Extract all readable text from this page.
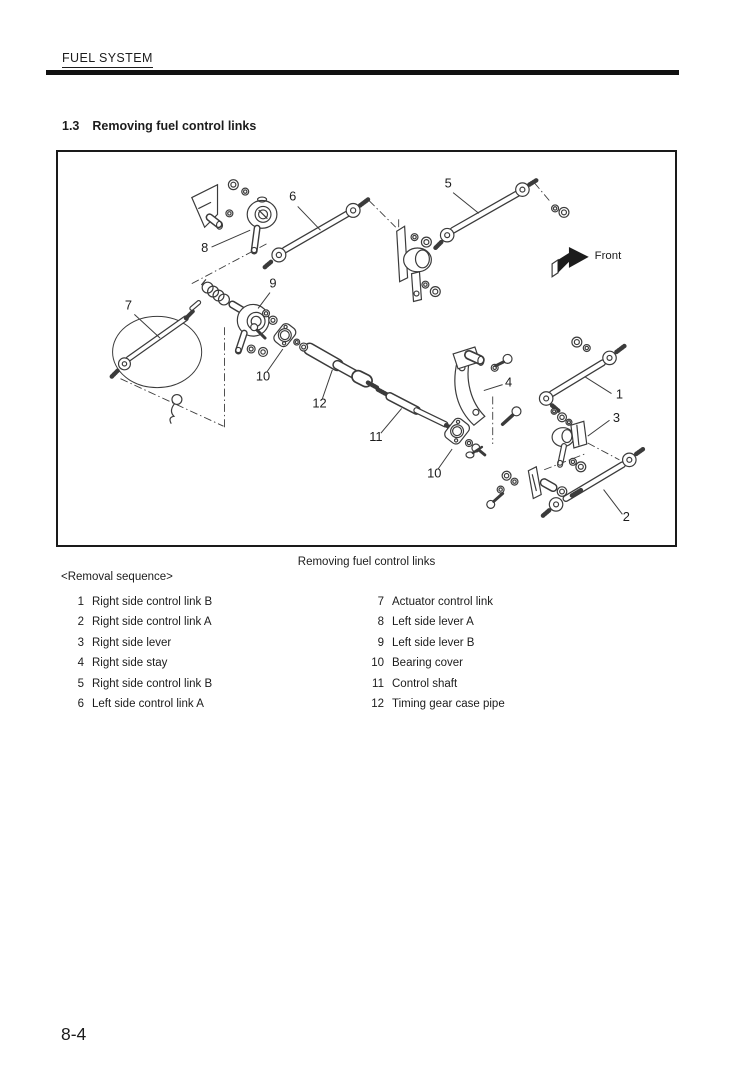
FUEL SYSTEM
1.3 Removing fuel control links
Front
1
2
3
4
5
6
7
8
9
10
10
11
12
Removing fuel control links
<Removal sequence>
1 Right side control link B
2 Right side control link A
3 Right side lever
4 Right side stay
5 Right side control link B
6 Left side control link A
7 Actuator control link
8 Left side lever A
9 Left side lever B
10 Bearing cover
11 Control shaft
12 Timing gear case pipe
8-4
